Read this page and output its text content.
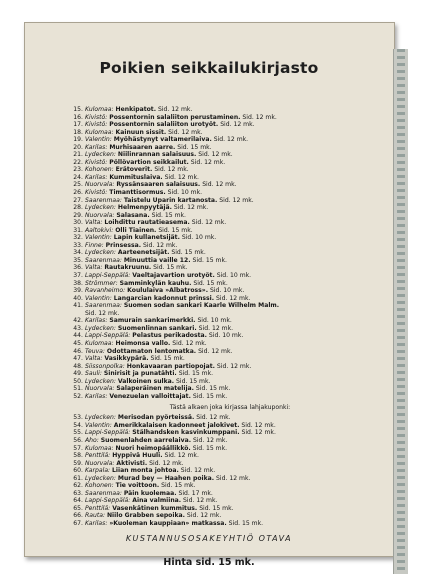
Poikien seikkailukirjasto
15. Kulomaa: Henkipatot. Sid. 12 mk.
16. Kivistö: Possentornin salaliiton perustaminen. Sid. 12 mk.
17. Kivistö: Possentornin salaliiton urotyöt. Sid. 12 mk.
18. Kulomaa: Kainuun sissit. Sid. 12 mk.
19. Valentin: Myöhästynyt valtamerilaiva. Sid. 12 mk.
20. Karilas: Murhisaaren aarre. Sid. 15 mk.
21. Lydecken: Niilinrannan salaisuus. Sid. 12 mk.
22. Kivistö: Pöllövartion seikkailut. Sid. 12 mk.
23. Kohonen: Erätoverit. Sid. 12 mk.
24. Karilas: Kummituslaiva. Sid. 12 mk.
25. Nuorvala: Ryssänsaaren salaisuus. Sid. 12 mk.
26. Kivistö: Timanttisormus. Sid. 10 mk.
27. Saarenmaa: Taistelu Uparin kartanosta. Sid. 12 mk.
28. Lydecken: Helmenpyytäjä. Sid. 12 mk.
29. Nuorvala: Salasana. Sid. 15 mk.
30. Valta: Loihdittu rautatieasema. Sid. 12 mk.
31. Aaltokivi: Olli Tiainen. Sid. 15 mk.
32. Valentin: Lapin kullanetsijät. Sid. 10 mk.
33. Finne: Prinsessa. Sid. 12 mk.
34. Lydecken: Aarteenetsijät. Sid. 15 mk.
35. Saarenmaa: Minuuttia vaille 12. Sid. 15 mk.
36. Valta: Rautakruunu. Sid. 15 mk.
37. Lappi-Seppälä: Vaeltajavartion urotyöt. Sid. 10 mk.
38. Strömmer: Samminkylän kauhu. Sid. 15 mk.
39. Ravanheimo: Koululaiva »Albatross». Sid. 10 mk.
40. Valentin: Langarcian kadonnut prinssi. Sid. 12 mk.
41. Saarenmaa: Suomen sodan sankari Kaarle Wilhelm Malm.
Sid. 12 mk.
42. Karilas: Samurain sankarimerkki. Sid. 10 mk.
43. Lydecken: Suomenlinnan sankari. Sid. 12 mk.
44. Lappi-Seppälä: Pelastus perikadosta. Sid. 10 mk.
45. Kulomaa: Heimonsa vallo. Sid. 12 mk.
46. Teuva: Odottamaton lentomatka. Sid. 12 mk.
47. Valta: Vasikkypärä. Sid. 15 mk.
48. Siissonpolka: Honkavaaran partiopojat. Sid. 12 mk.
49. Sauli: Sinirisit ja punatähti. Sid. 15 mk.
50. Lydecken: Valkoinen sulka. Sid. 15 mk.
51. Nuorvala: Salaperäinen matelija. Sid. 15 mk.
52. Karilas: Venezuelan valloittajat. Sid. 15 mk.
Tästä alkaen joka kirjassa lahjakuponki:
53. Lydecken: Merisodan pyörteissä. Sid. 12 mk.
54. Valentin: Amerikkalaisen kadonneet jalokivet. Sid. 12 mk.
55. Lappi-Seppälä: Stälhandsken kasvinkumppani. Sid. 12 mk.
56. Aho: Suomenlahden aarrelaiva. Sid. 12 mk.
57. Kulomaa: Nuori heimopäällikkö. Sid. 15 mk.
58. Penttilä: Hyppivä Huuli. Sid. 12 mk.
59. Nuorvala: Aktivisti. Sid. 12 mk.
60. Karpala: Liian monta johtoa. Sid. 12 mk.
61. Lydecken: Murad bey — Haahen poika. Sid. 12 mk.
62. Kohonen: Tie voittoon. Sid. 15 mk.
63. Saarenmaa: Päin kuolemaa. Sid. 17 mk.
64. Lappi-Seppälä: Aina valmiina. Sid. 12 mk.
65. Penttilä: Vasenkätinen kummitus. Sid. 15 mk.
66. Rauta: Niilo Grabben sepoika. Sid. 12 mk.
67. Karilas: »Kuoleman kauppiaan» matkassa. Sid. 15 mk.
KUSTANNUSOSAKEYHTIÖ OTAVA
Hinta sid. 15 mk.
